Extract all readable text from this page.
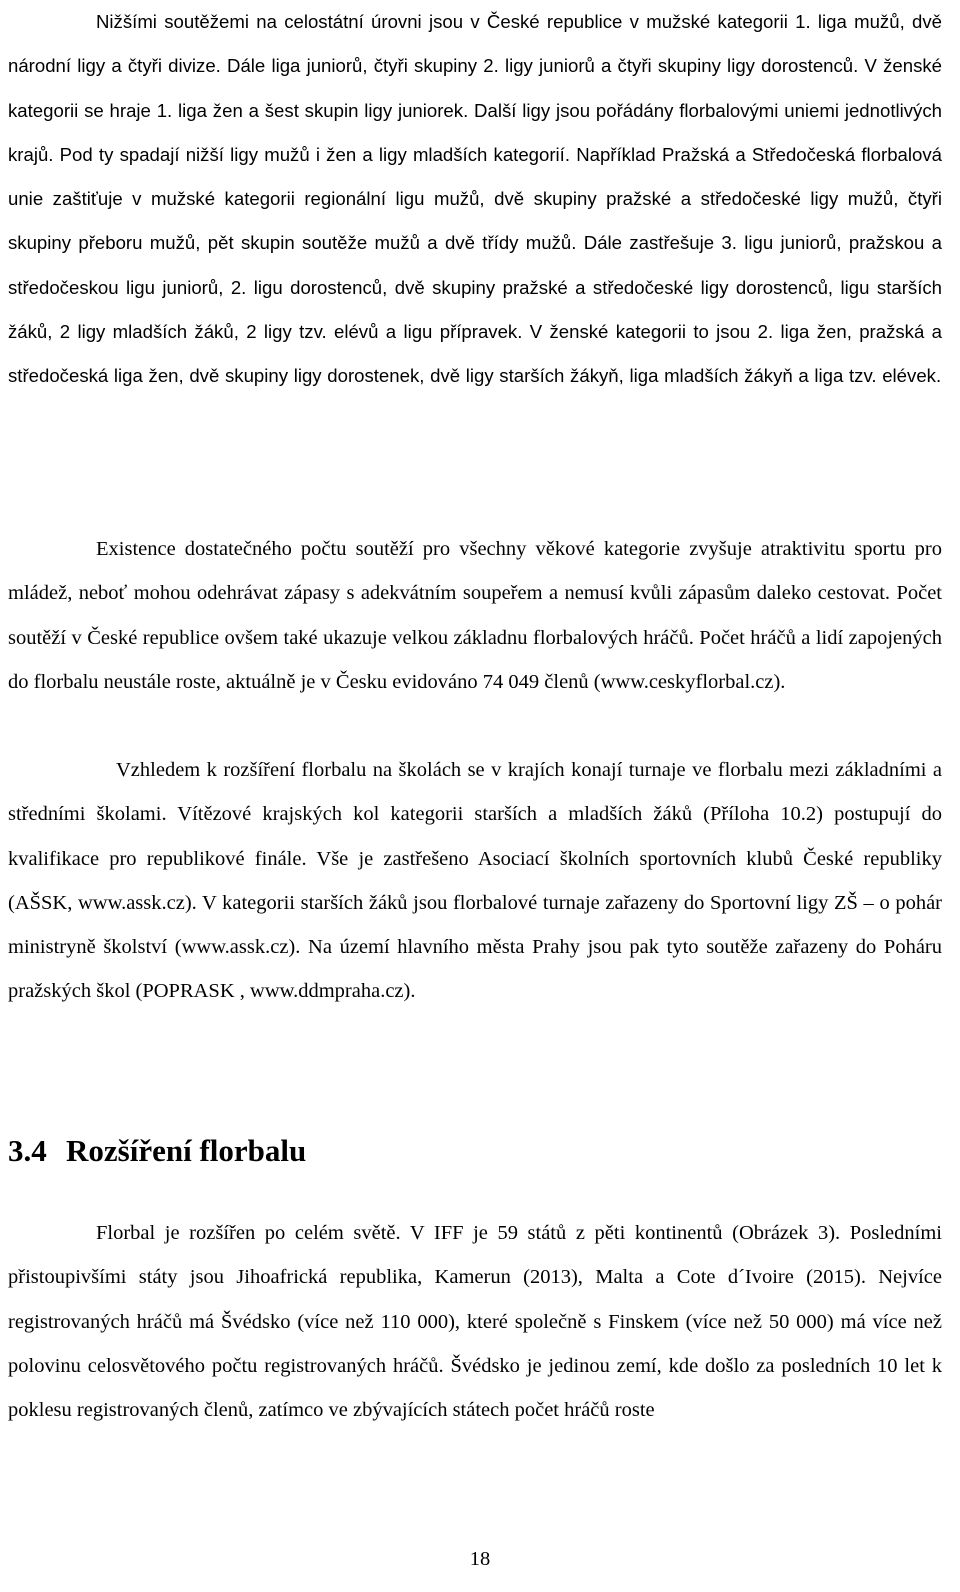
Nižšími soutěžemi na celostátní úrovni jsou v České republice v mužské kategorii 1. liga mužů, dvě národní ligy a čtyři divize. Dále liga juniorů, čtyři skupiny 2. ligy juniorů a čtyři skupiny ligy dorostenců. V ženské kategorii se hraje 1. liga žen a šest skupin ligy juniorek. Další ligy jsou pořádány florbalovými uniemi jednotlivých krajů. Pod ty spadají nižší ligy mužů i žen a ligy mladších kategorií. Například Pražská a Středočeská florbalová unie zaštiťuje v mužské kategorii regionální ligu mužů, dvě skupiny pražské a středočeské ligy mužů, čtyři skupiny přeboru mužů, pět skupin soutěže mužů a dvě třídy mužů. Dále zastřešuje 3. ligu juniorů, pražskou a středočeskou ligu juniorů, 2. ligu dorostenců, dvě skupiny pražské a středočeské ligy dorostenců, ligu starších žáků, 2 ligy mladších žáků, 2 ligy tzv. elévů a ligu přípravek. V ženské kategorii to jsou 2. liga žen, pražská a středočeská liga žen, dvě skupiny ligy dorostenek, dvě ligy starších žákyň, liga mladších žákyň a liga tzv. elévek.

Existence dostatečného počtu soutěží pro všechny věkové kategorie zvyšuje atraktivitu sportu pro mládež, neboť mohou odehrávat zápasy s adekvátním soupeřem a nemusí kvůli zápasům daleko cestovat. Počet soutěží v České republice ovšem také ukazuje velkou základnu florbalových hráčů. Počet hráčů a lidí zapojených do florbalu neustále roste, aktuálně je v Česku evidováno 74 049 členů (www.ceskyflorbal.cz).

Vzhledem k rozšíření florbalu na školách se v krajích konají turnaje ve florbalu mezi základními a středními školami. Vítězové krajských kol kategorii starších a mladších žáků (Příloha 10.2) postupují do kvalifikace pro republikové finále. Vše je zastřešeno Asociací školních sportovních klubů České republiky (AŠSK, www.assk.cz). V kategorii starších žáků jsou florbalové turnaje zařazeny do Sportovní ligy ZŠ – o pohár ministryně školství (www.assk.cz). Na území hlavního města Prahy jsou pak tyto soutěže zařazeny do Poháru pražských škol (POPRASK , www.ddmpraha.cz).

3.4 Rozšíření florbalu

Florbal je rozšířen po celém světě. V IFF je 59 států z pěti kontinentů (Obrázek 3). Posledními přistoupivšími státy jsou Jihoafrická republika, Kamerun (2013), Malta a Cote d´Ivoire (2015). Nejvíce registrovaných hráčů má Švédsko (více než 110 000), které společně s Finskem (více než 50 000) má více než polovinu celosvětového počtu registrovaných hráčů. Švédsko je jedinou zemí, kde došlo za posledních 10 let k poklesu registrovaných členů, zatímco ve zbývajících státech počet hráčů roste

18
